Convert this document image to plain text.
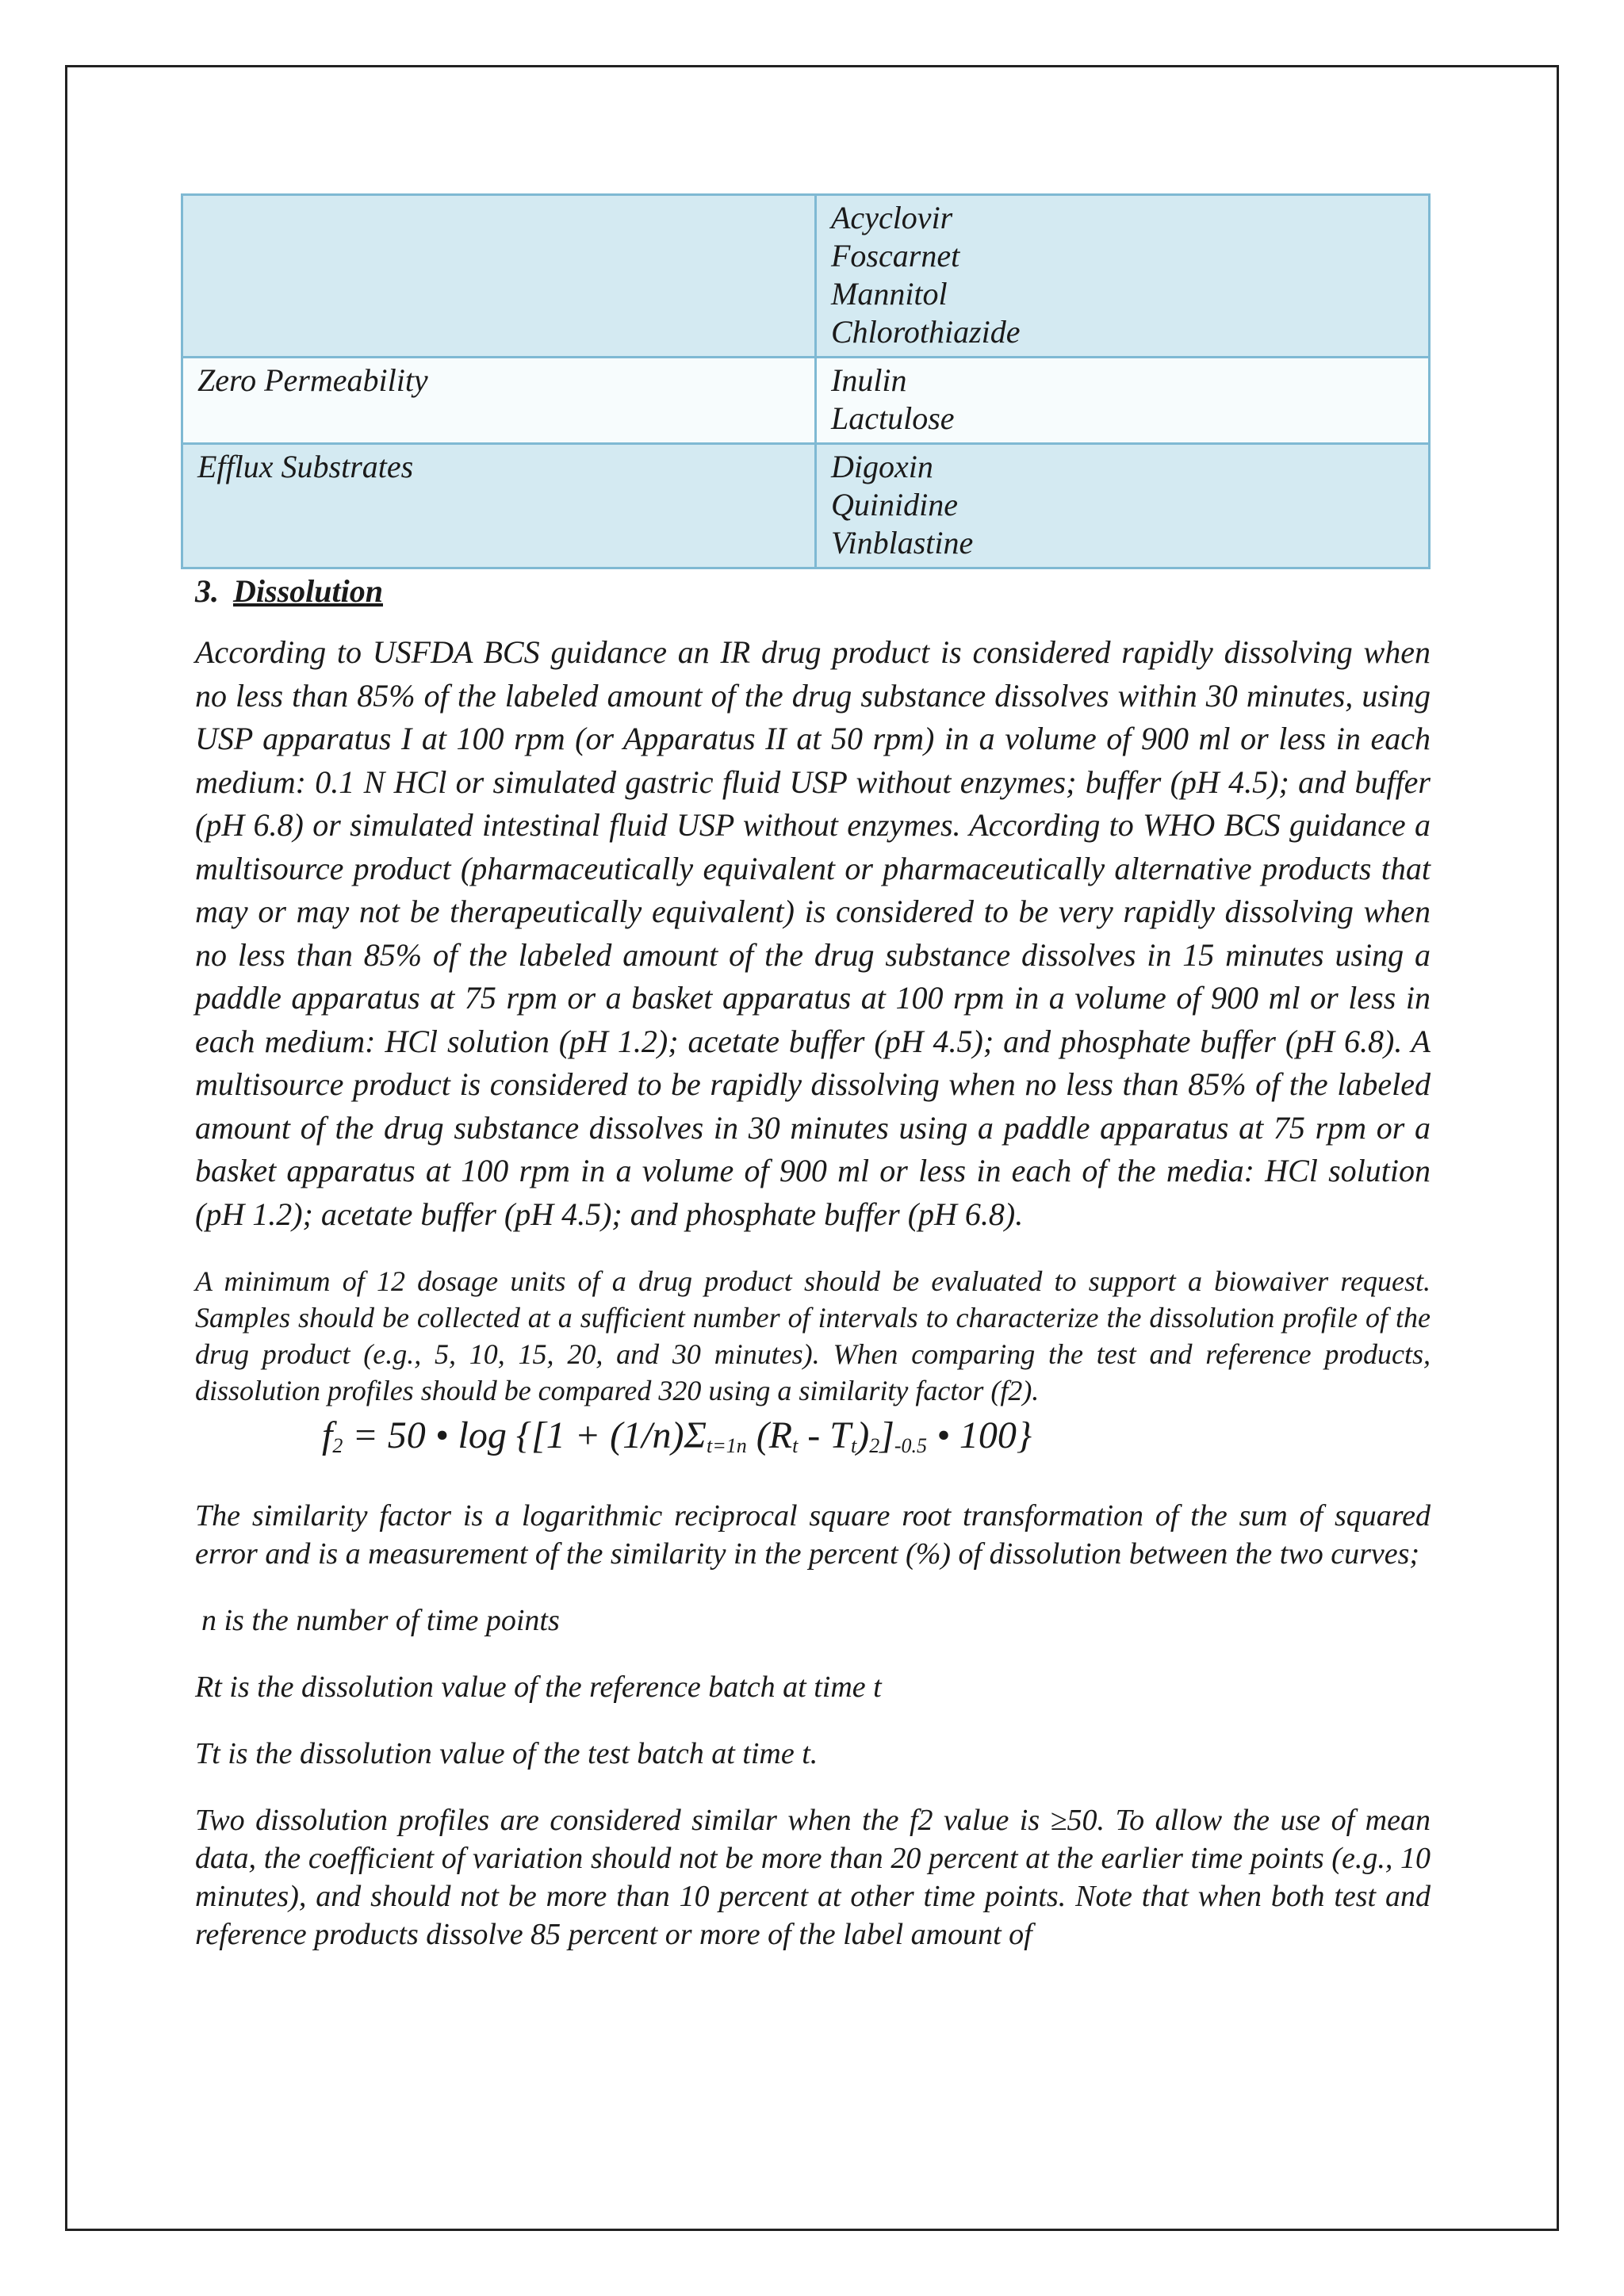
	Acyclovir
Foscarnet
Mannitol
Chlorothiazide

Zero Permeability	Inulin
Lactulose

Efflux Substrates	Digoxin
Quinidine
Vinblastine
3. Dissolution

According to USFDA BCS guidance an IR drug product is considered rapidly dissolving when no less than 85% of the labeled amount of the drug substance dissolves within 30 minutes, using USP apparatus I at 100 rpm (or Apparatus II at 50 rpm) in a volume of 900 ml or less in each medium: 0.1 N HCl or simulated gastric fluid USP without enzymes; buffer (pH 4.5); and buffer (pH 6.8) or simulated intestinal fluid USP without enzymes. According to WHO BCS guidance a multisource product (pharmaceutically equivalent or pharmaceutically alternative products that may or may not be therapeutically equivalent) is considered to be very rapidly dissolving when no less than 85% of the labeled amount of the drug substance dissolves in 15 minutes using a paddle apparatus at 75 rpm or a basket apparatus at 100 rpm in a volume of 900 ml or less in each medium: HCl solution (pH 1.2); acetate buffer (pH 4.5); and phosphate buffer (pH 6.8). A multisource product is considered to be rapidly dissolving when no less than 85% of the labeled amount of the drug substance dissolves in 30 minutes using a paddle apparatus at 75 rpm or a basket apparatus at 100 rpm in a volume of 900 ml or less in each of the media: HCl solution (pH 1.2); acetate buffer (pH 4.5); and phosphate buffer (pH 6.8).

A minimum of 12 dosage units of a drug product should be evaluated to support a biowaiver request. Samples should be collected at a sufficient number of intervals to characterize the dissolution profile of the drug product (e.g., 5, 10, 15, 20, and 30 minutes). When comparing the test and reference products, dissolution profiles should be compared 320 using a similarity factor (f2).

$f_2 = 50$ • $\log \{[1 + (1/n)\Sigma_{t=1n}$ $(R_t - T_t)^2]^{-0.5}$ • 100}

The similarity factor is a logarithmic reciprocal square root transformation of the sum of squared error and is a measurement of the similarity in the percent (%) of dissolution between the two curves;

n is the number of time points

Rt is the dissolution value of the reference batch at time t

Tt is the dissolution value of the test batch at time t.

Two dissolution profiles are considered similar when the f2 value is ≥50. To allow the use of mean data, the coefficient of variation should not be more than 20 percent at the earlier time points (e.g., 10 minutes), and should not be more than 10 percent at other time points. Note that when both test and reference products dissolve 85 percent or more of the label amount of
